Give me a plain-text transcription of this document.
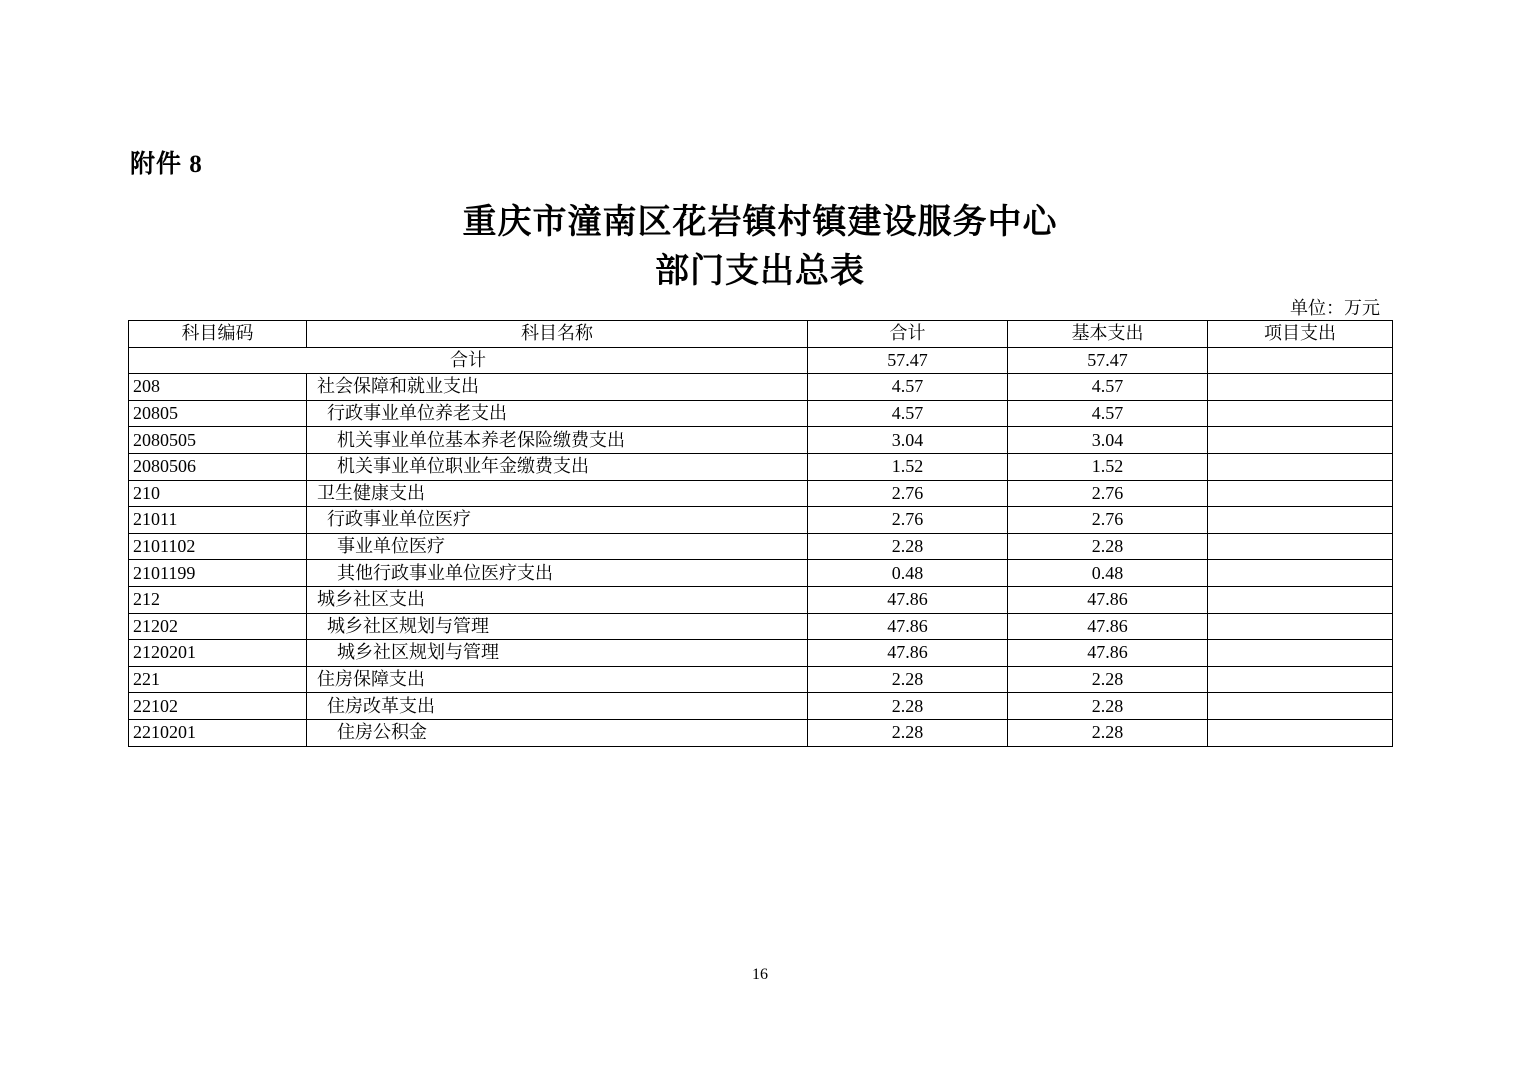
附件 8
重庆市潼南区花岩镇村镇建设服务中心
部门支出总表
单位：万元
科目编码	科目名称	合计	基本支出	项目支出
合计		57.47	57.47	
208	社会保障和就业支出	4.57	4.57	
20805	行政事业单位养老支出	4.57	4.57	
2080505	机关事业单位基本养老保险缴费支出	3.04	3.04	
2080506	机关事业单位职业年金缴费支出	1.52	1.52	
210	卫生健康支出	2.76	2.76	
21011	行政事业单位医疗	2.76	2.76	
2101102	事业单位医疗	2.28	2.28	
2101199	其他行政事业单位医疗支出	0.48	0.48	
212	城乡社区支出	47.86	47.86	
21202	城乡社区规划与管理	47.86	47.86	
2120201	城乡社区规划与管理	47.86	47.86	
221	住房保障支出	2.28	2.28	
22102	住房改革支出	2.28	2.28	
2210201	住房公积金	2.28	2.28	
16
